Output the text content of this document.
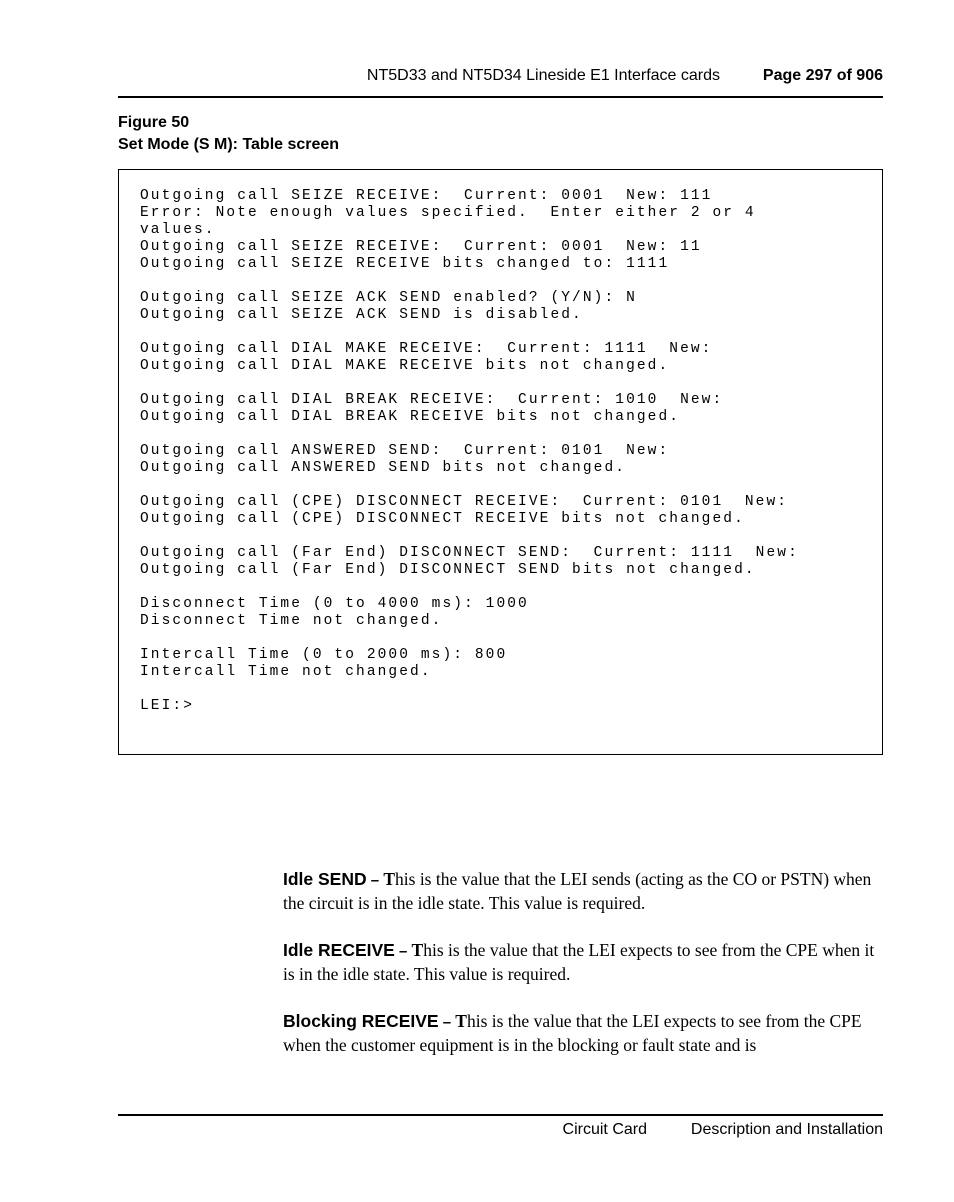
NT5D33 and NT5D34 Lineside E1 Interface cards	Page 297 of 906
Figure 50
Set Mode (S M): Table screen
Outgoing call SEIZE RECEIVE:  Current: 0001  New: 111
Error: Note enough values specified.  Enter either 2 or 4
values.
Outgoing call SEIZE RECEIVE:  Current: 0001  New: 11
Outgoing call SEIZE RECEIVE bits changed to: 1111

Outgoing call SEIZE ACK SEND enabled? (Y/N): N
Outgoing call SEIZE ACK SEND is disabled.

Outgoing call DIAL MAKE RECEIVE:  Current: 1111  New:
Outgoing call DIAL MAKE RECEIVE bits not changed.

Outgoing call DIAL BREAK RECEIVE:  Current: 1010  New:
Outgoing call DIAL BREAK RECEIVE bits not changed.

Outgoing call ANSWERED SEND:  Current: 0101  New:
Outgoing call ANSWERED SEND bits not changed.

Outgoing call (CPE) DISCONNECT RECEIVE:  Current: 0101  New:
Outgoing call (CPE) DISCONNECT RECEIVE bits not changed.

Outgoing call (Far End) DISCONNECT SEND:  Current: 1111  New:
Outgoing call (Far End) DISCONNECT SEND bits not changed.

Disconnect Time (0 to 4000 ms): 1000
Disconnect Time not changed.

Intercall Time (0 to 2000 ms): 800
Intercall Time not changed.

LEI:>

Idle SEND – This is the value that the LEI sends (acting as the CO or PSTN) when the circuit is in the idle state. This value is required.

Idle RECEIVE – This is the value that the LEI expects to see from the CPE when it is in the idle state. This value is required.

Blocking RECEIVE – This is the value that the LEI expects to see from the CPE when the customer equipment is in the blocking or fault state and is

Circuit Card	Description and Installation
